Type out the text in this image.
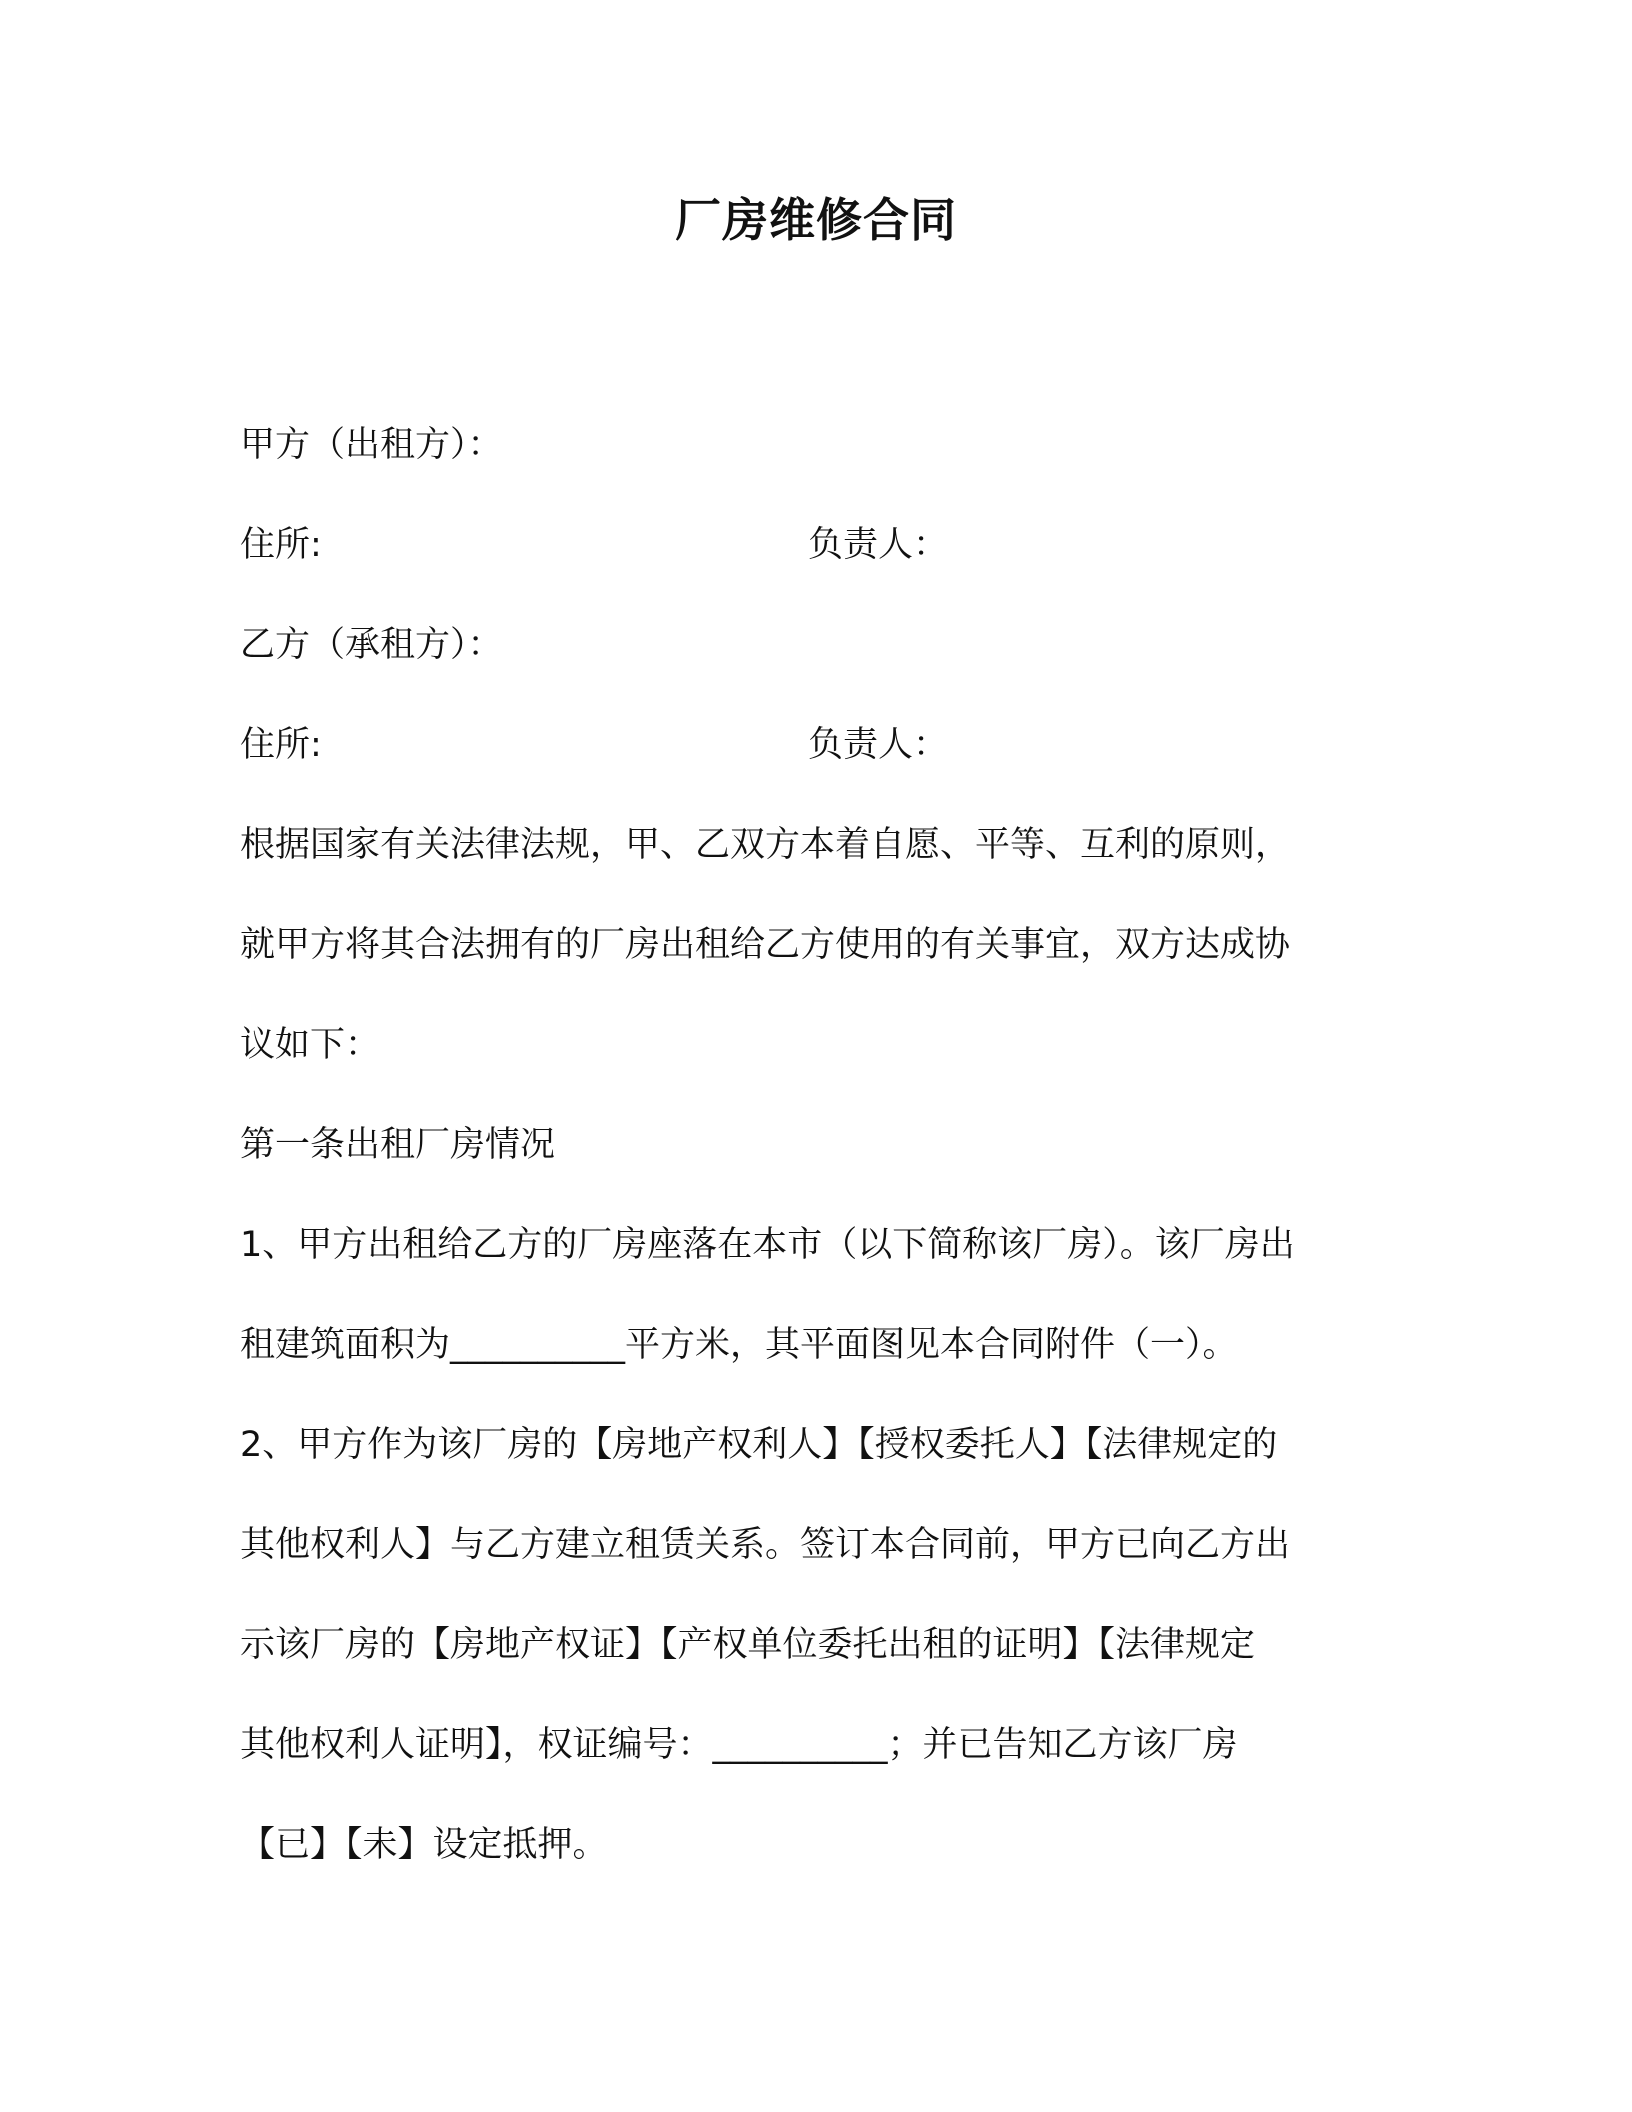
厂房维修合同

甲方（出租方）：

住所:	负责人：

乙方（承租方）：

住所:	负责人：

根据国家有关法律法规，甲、乙双方本着自愿、平等、互利的原则，

就甲方将其合法拥有的厂房出租给乙方使用的有关事宜，双方达成协

议如下：

第一条出租厂房情况

1、甲方出租给乙方的厂房座落在本市（以下简称该厂房）。该厂房出

租建筑面积为__________平方米，其平面图见本合同附件（一）。

2、甲方作为该厂房的【房地产权利人】【授权委托人】【法律规定的

其他权利人】与乙方建立租赁关系。签订本合同前，甲方已向乙方出

示该厂房的【房地产权证】【产权单位委托出租的证明】【法律规定

其他权利人证明】，权证编号：__________；并已告知乙方该厂房

【已】【未】设定抵押。
